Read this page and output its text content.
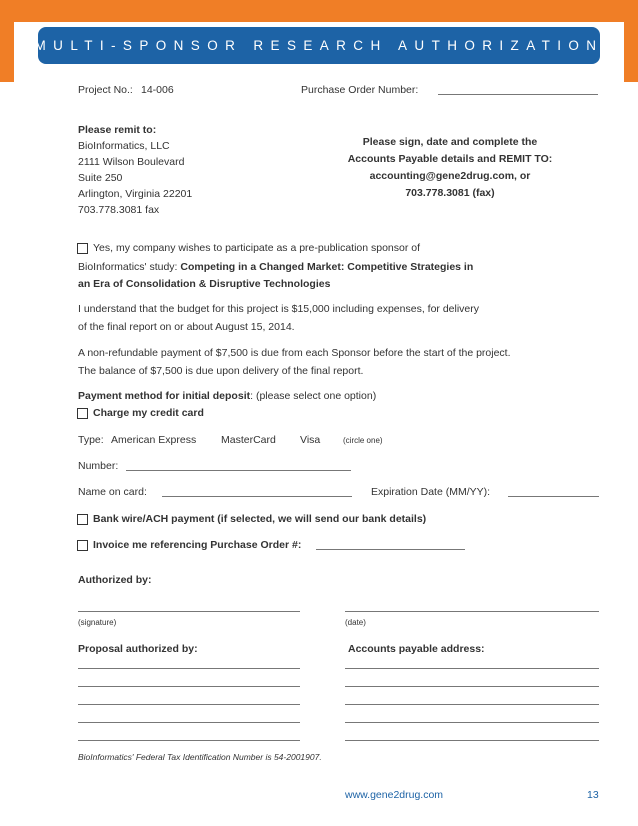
MULTI-SPONSOR RESEARCH AUTHORIZATION
Project No.: 14-006	Purchase Order Number:
Please remit to:
BioInformatics, LLC
2111 Wilson Boulevard
Suite 250
Arlington, Virginia 22201
703.778.3081 fax
Please sign, date and complete the
Accounts Payable details and REMIT TO:
accounting@gene2drug.com, or
703.778.3081 (fax)
Yes, my company wishes to participate as a pre-publication sponsor of
BioInformatics' study: Competing in a Changed Market: Competitive Strategies in
an Era of Consolidation & Disruptive Technologies
I understand that the budget for this project is $15,000 including expenses, for delivery
of the final report on or about August 15, 2014.
A non-refundable payment of $7,500 is due from each Sponsor before the start of the project.
The balance of $7,500 is due upon delivery of the final report.
Payment method for initial deposit: (please select one option)
Charge my credit card
Type: American Express MasterCard Visa	(circle one)
Number:
Name on card:	Expiration Date (MM/YY):
Bank wire/ACH payment (if selected, we will send our bank details)
Invoice me referencing Purchase Order #:
Authorized by:
(signature)	(date)
Proposal authorized by:	Accounts payable address:
BioInformatics' Federal Tax Identification Number is 54-2001907.
www.gene2drug.com	13
